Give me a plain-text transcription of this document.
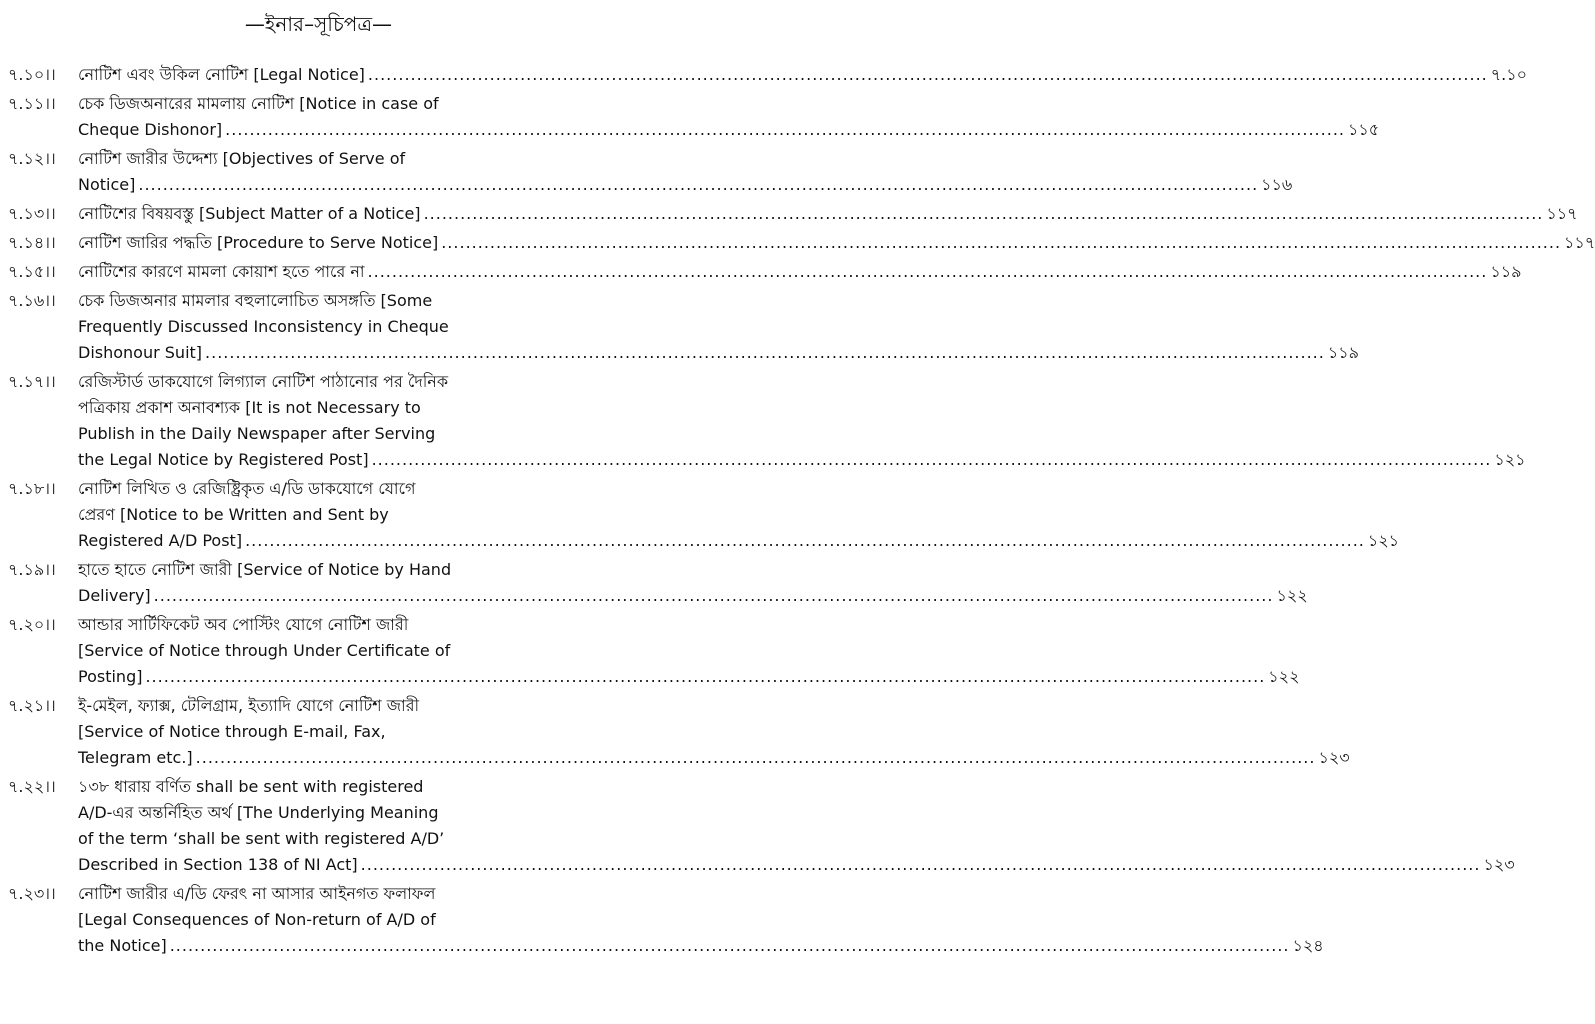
—ইনার–সূচিপত্র—
৭.১০।। নোটিশ এবং উকিল নোটিশ [Legal Notice] ........................................................................................................................................................................................ ৭.১০
৭.১১।। চেক ডিজঅনারের মামলায় নোটিশ [Notice in case of
Cheque Dishonor] ........................................................................................................................................................................................ ১১৫
৭.১২।। নোটিশ জারীর উদ্দেশ্য [Objectives of Serve of
Notice] ........................................................................................................................................................................................ ১১৬
৭.১৩।। নোটিশের বিষয়বস্তু [Subject Matter of a Notice] ........................................................................................................................................................................................ ১১৭
৭.১৪।। নোটিশ জারির পদ্ধতি [Procedure to Serve Notice] ........................................................................................................................................................................................ ১১৭
৭.১৫।। নোটিশের কারণে মামলা কোয়াশ হতে পারে না ........................................................................................................................................................................................ ১১৯
৭.১৬।। চেক ডিজঅনার মামলার বহুলালোচিত অসঙ্গতি [Some
Frequently Discussed Inconsistency in Cheque
Dishonour Suit] ........................................................................................................................................................................................ ১১৯
৭.১৭।। রেজিস্টার্ড ডাকযোগে লিগ্যাল নোটিশ পাঠানোর পর দৈনিক
পত্রিকায় প্রকাশ অনাবশ্যক [It is not Necessary to
Publish in the Daily Newspaper after Serving
the Legal Notice by Registered Post] ........................................................................................................................................................................................ ১২১
৭.১৮।। নোটিশ লিখিত ও রেজিষ্ট্রিকৃত এ/ডি ডাকযোগে যোগে
প্রেরণ [Notice to be Written and Sent by
Registered A/D Post] ........................................................................................................................................................................................ ১২১
৭.১৯।। হাতে হাতে নোটিশ জারী [Service of Notice by Hand
Delivery] ........................................................................................................................................................................................ ১২২
৭.২০।। আন্ডার সার্টিফিকেট অব পোস্টিং যোগে নোটিশ জারী
[Service of Notice through Under Certificate of
Posting] ........................................................................................................................................................................................ ১২২
৭.২১।। ই-মেইল, ফ্যাক্স, টেলিগ্রাম, ইত্যাদি যোগে নোটিশ জারী
[Service of Notice through E-mail, Fax,
Telegram etc.] ........................................................................................................................................................................................ ১২৩
৭.২২।। ১৩৮ ধারায় বর্ণিত shall be sent with registered
A/D-এর অন্তর্নিহিত অর্থ [The Underlying Meaning
of the term ‘shall be sent with registered A/D’
Described in Section 138 of NI Act] ........................................................................................................................................................................................ ১২৩
৭.২৩।। নোটিশ জারীর এ/ডি ফেরৎ না আসার আইনগত ফলাফল
[Legal Consequences of Non-return of A/D of
the Notice] ........................................................................................................................................................................................ ১২৪
